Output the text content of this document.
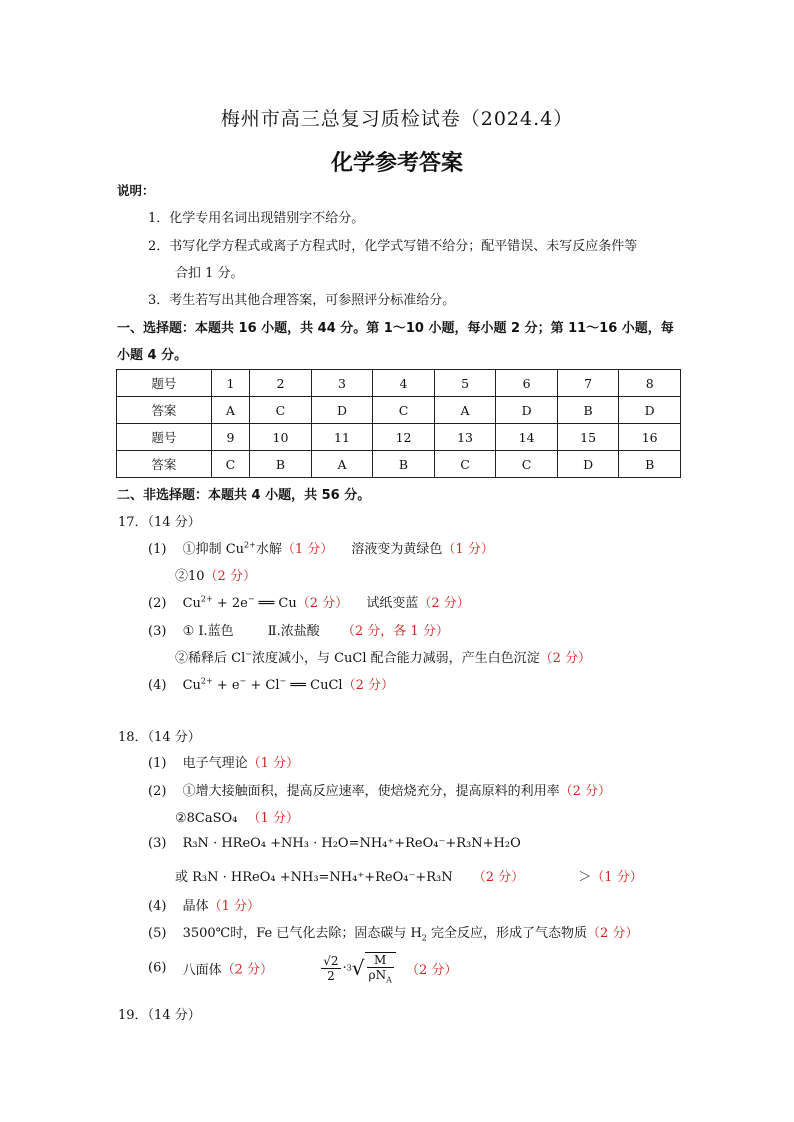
梅州市高三总复习质检试卷（2024.4）
化学参考答案
说明：
1．化学专用名词出现错别字不给分。
2．书写化学方程式或离子方程式时，化学式写错不给分；配平错误、未写反应条件等
合扣 1 分。
3．考生若写出其他合理答案，可参照评分标准给分。
一、选择题：本题共 16 小题，共 44 分。第 1～10 小题，每小题 2 分；第 11～16 小题，每
小题 4 分。
题号	1	2	3	4	5	6	7	8
答案	A	C	D	C	A	D	B	D
题号	9	10	11	12	13	14	15	16
答案	C	B	A	B	C	C	D	B
二、非选择题：本题共 4 小题，共 56 分。
17．（14 分）
(1) ①抑制 $Cu^{2+}$水解（1 分） 溶液变为黄绿色（1 分）
②10（2 分）
(2) $Cu^{2+} + 2e^-$ ══ Cu（2 分） 试纸变蓝（2 分）
(3) ① Ⅰ.蓝色	Ⅱ.浓盐酸 （2 分，各 1 分）
②稀释后 Cl−浓度减小，与 CuCl 配合能力减弱，产生白色沉淀（2 分）
(4) $Cu^{2+} + e^- + Cl^-$ ══ CuCl（2 分）
18．（14 分）
(1) 电子气理论（1 分）
(2) ①增大接触面积，提高反应速率，使焙烧充分，提高原料的利用率（2 分）
②8CaSO₄ （1 分）
(3) R₃N · HReO₄ +NH₃ · H₂O=NH₄⁺+ReO₄⁻+R₃N+H₂O
或 R₃N · HReO₄ +NH₃=NH₄⁺+ReO₄⁻+R₃N （2 分）	＞（1 分）
(4) 晶体（1 分）
(5) 3500℃时，Fe 已气化去除；固态碳与 $H_2$ 完全反应，形成了气态物质（2 分）
(6) 八面体（2 分）	$\frac{√2}{2} \cdot 3√ \frac{M}{\rho N_A} (2$ 分）
19．（14 分）
